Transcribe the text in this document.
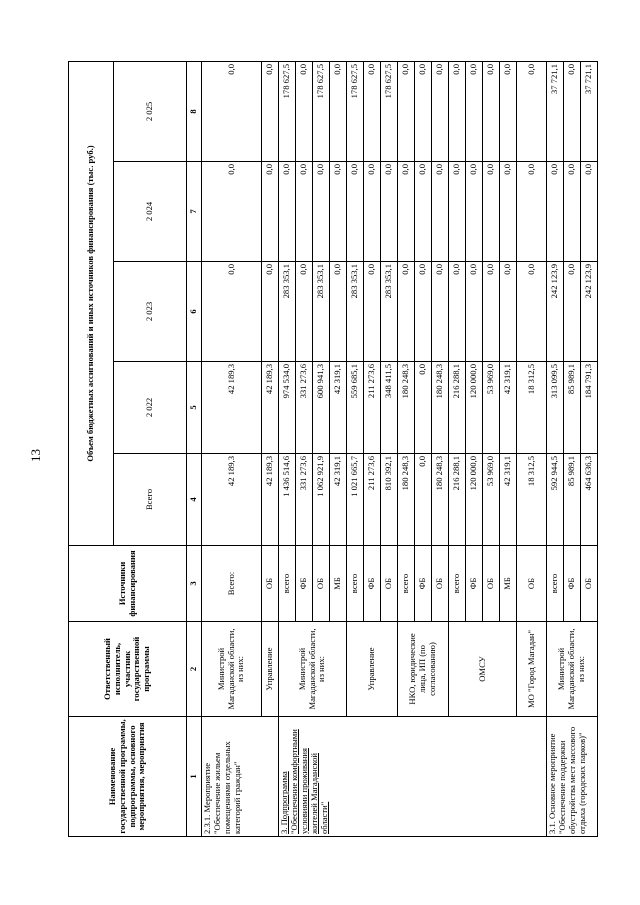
13
Наименование государственной программы, подпрограммы, основного мероприятия, мероприятия	Ответственный исполнитель, участник государственной программы	Источники финансирования	Объем бюджетных ассигнований и иных источников финансирования (тыс. руб.)				
			Всего	2 022	2 023	2 024	2 025
1	2	3	4	5	6	7	8
2.3.1. Мероприятие "Обеспечение жильем помещениями отдельных категорий граждан"	Министрой Магаданской области, из них:	Всего:	42 189,3	42 189,3	0,0	0,0	0,0
	Управление	ОБ	42 189,3	42 189,3	0,0	0,0	0,0
3. Подпрограмма "Обеспечение комфортными условиями проживания жителей Магаданской области"	Министрой Магаданской области, из них:	всего	1 436 514,6	974 534,0	283 353,1	0,0	178 627,5
		ФБ	331 273,6	331 273,6	0,0	0,0	0,0
		ОБ	1 062 921,9	600 941,3	283 353,1	0,0	178 627,5
		МБ	42 319,1	42 319,1	0,0	0,0	0,0
	Управление	всего	1 021 665,7	559 685,1	283 353,1	0,0	178 627,5
		ФБ	211 273,6	211 273,6	0,0	0,0	0,0
		ОБ	810 392,1	348 411,5	283 353,1	0,0	178 627,5
	НКО, юридические лица, ИП (по согласованию)	всего	180 248,3	180 248,3	0,0	0,0	0,0
		ФБ	0,0	0,0	0,0	0,0	0,0
		ОБ	180 248,3	180 248,3	0,0	0,0	0,0
	ОМСУ	всего	216 288,1	216 288,1	0,0	0,0	0,0
		ФБ	120 000,0	120 000,0	0,0	0,0	0,0
		ОБ	53 969,0	53 969,0	0,0	0,0	0,0
		МБ	42 319,1	42 319,1	0,0	0,0	0,0
	МО "Город Магадан"	ОБ	18 312,5	18 312,5	0,0	0,0	0,0
3.1. Основное мероприятие "Обеспечение поддержки обустройства мест массового отдыха (городских парков)"	Министрой Магаданской области, из них:	всего	592 944,5	313 099,5	242 123,9	0,0	37 721,1
		ФБ	85 989,1	85 989,1	0,0	0,0	0,0
		ОБ	464 636,3	184 791,3	242 123,9	0,0	37 721,1
